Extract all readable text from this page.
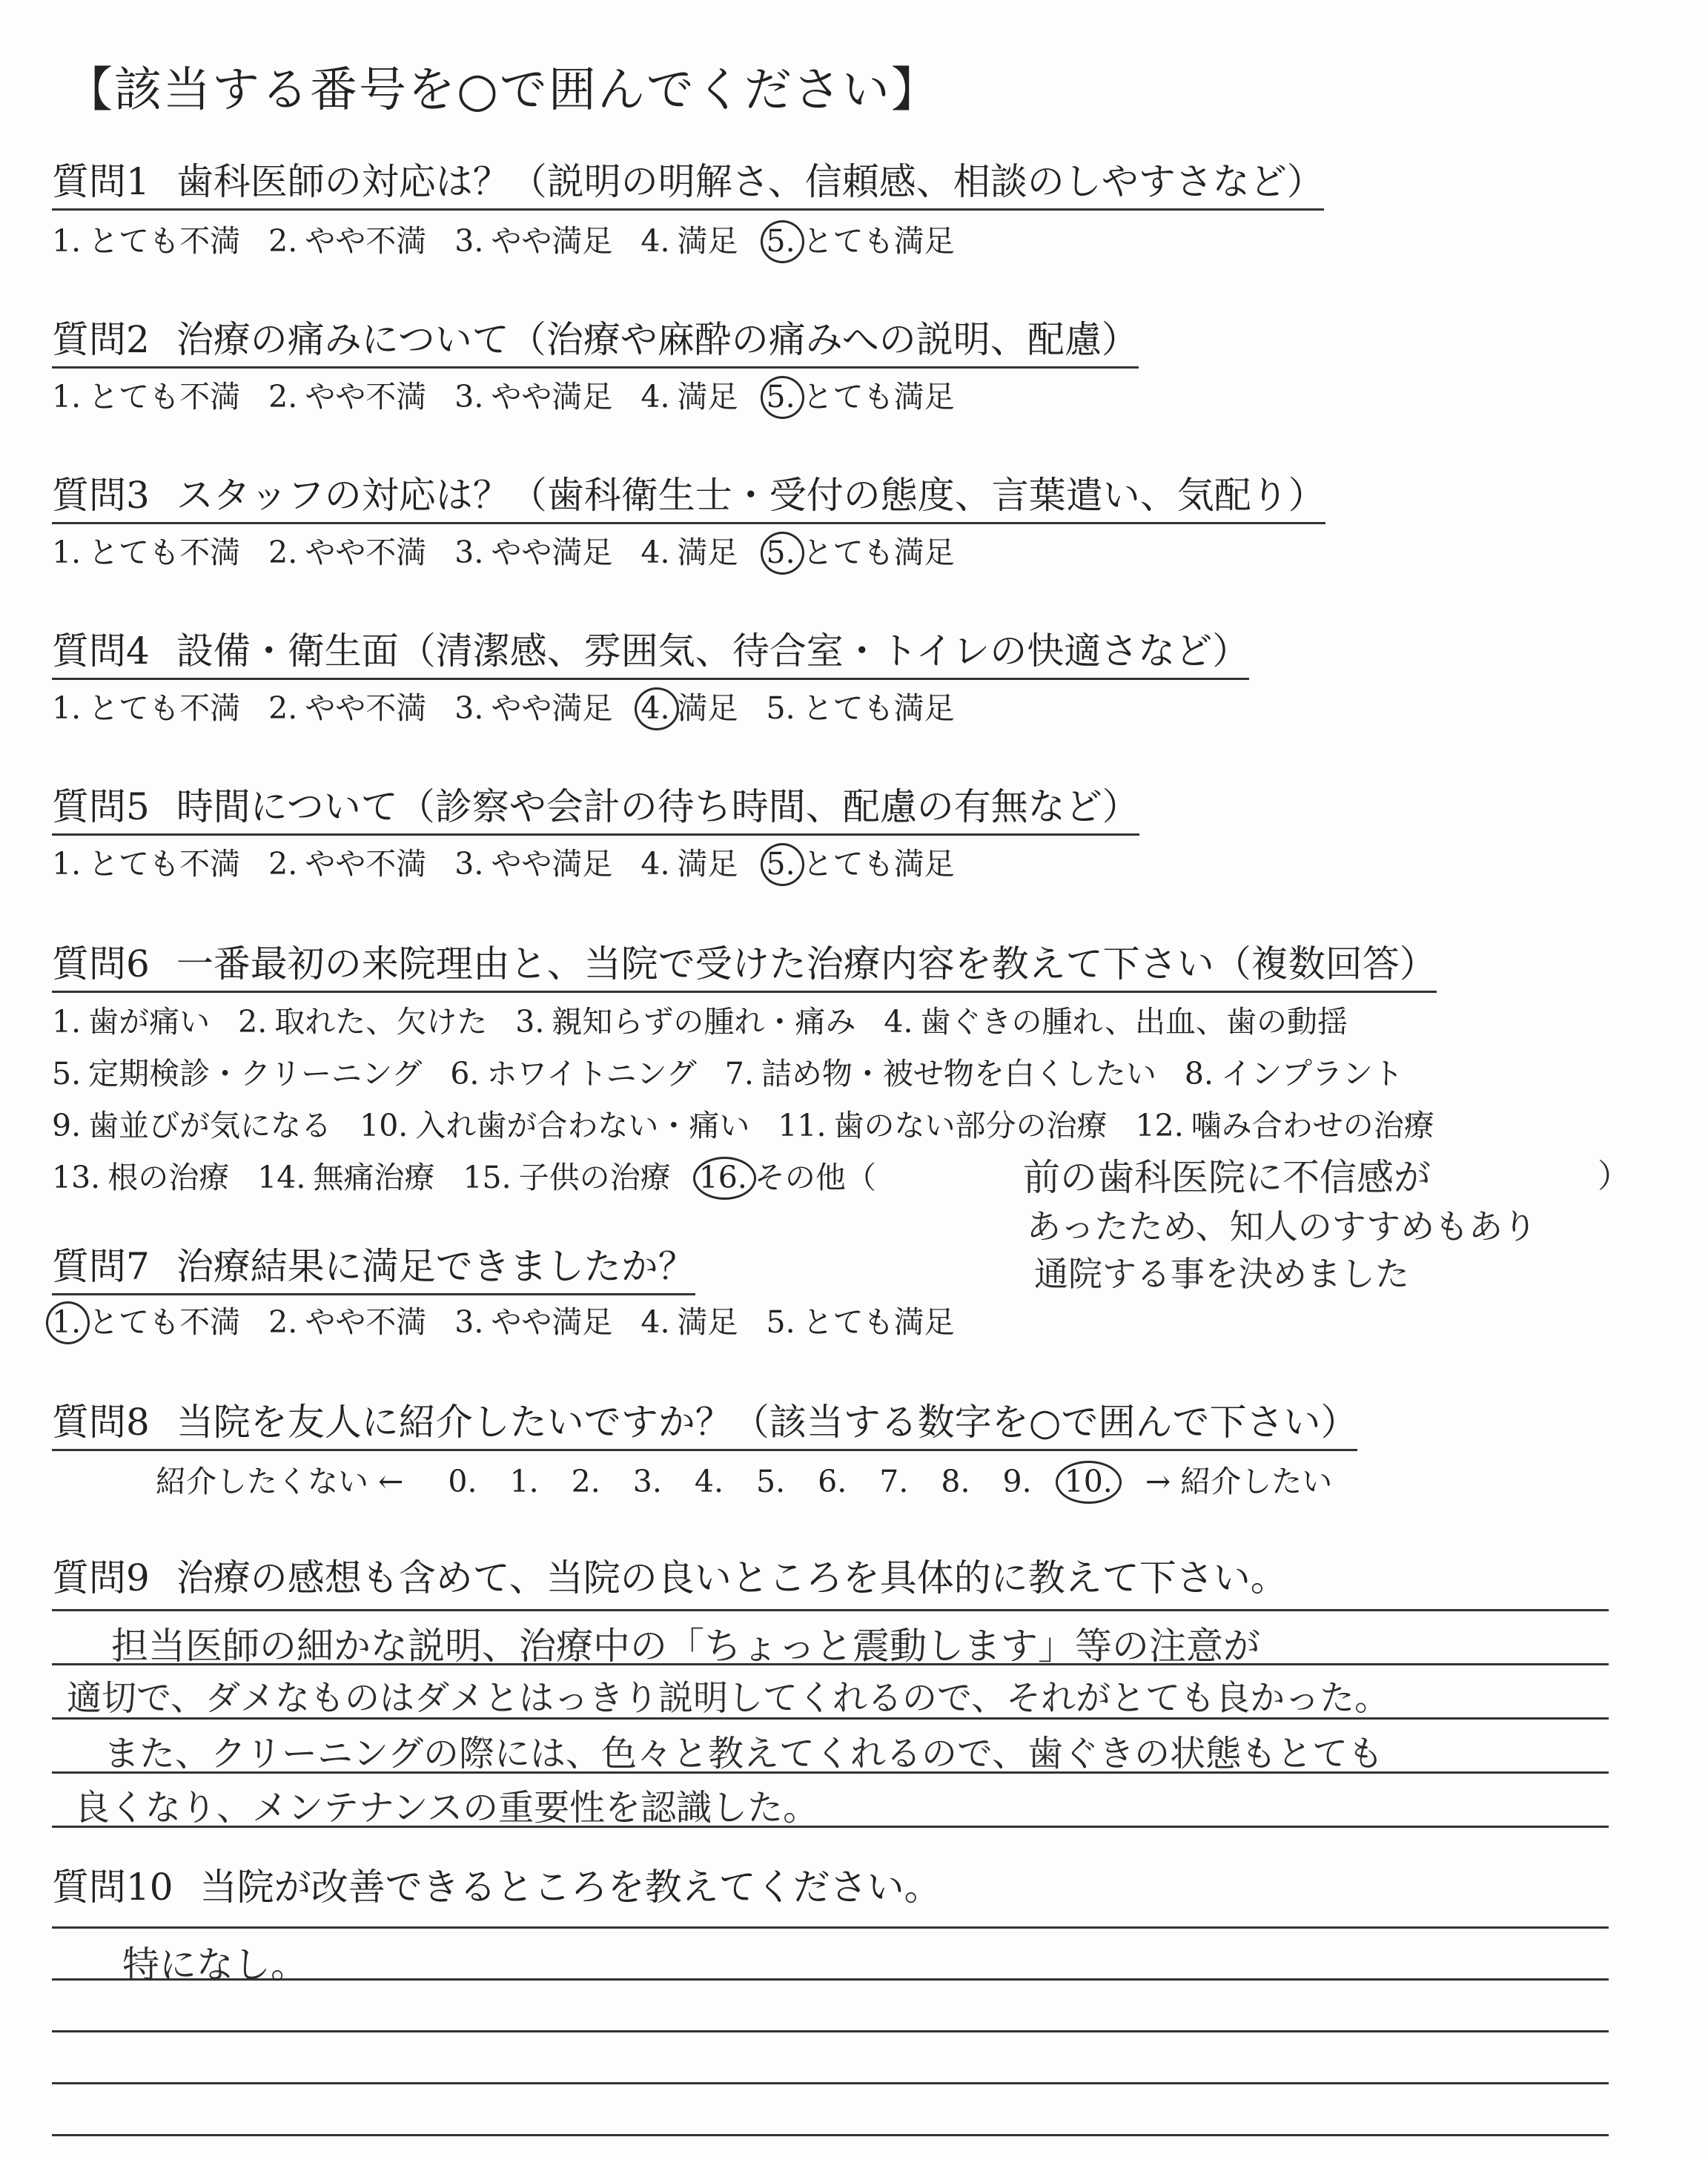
【該当する番号を○で囲んでください】
質問1 歯科医師の対応は？（説明の明解さ、信頼感、相談のしやすさなど）
1. とても不満 2. やや不満 3. やや満足 4. 満足 5. とても満足
質問2 治療の痛みについて（治療や麻酔の痛みへの説明、配慮）
1. とても不満 2. やや不満 3. やや満足 4. 満足 5. とても満足
質問3 スタッフの対応は？（歯科衛生士・受付の態度、言葉遣い、気配り）
1. とても不満 2. やや不満 3. やや満足 4. 満足 5. とても満足
質問4 設備・衛生面（清潔感、雰囲気、待合室・トイレの快適さなど）
1. とても不満 2. やや不満 3. やや満足 4. 満足 5. とても満足
質問5 時間について（診察や会計の待ち時間、配慮の有無など）
1. とても不満 2. やや不満 3. やや満足 4. 満足 5. とても満足
質問6 一番最初の来院理由と、当院で受けた治療内容を教えて下さい（複数回答）
1. 歯が痛い 2. 取れた、欠けた 3. 親知らずの腫れ・痛み 4. 歯ぐきの腫れ、出血、歯の動揺
5. 定期検診・クリーニング 6. ホワイトニング 7. 詰め物・被せ物を白くしたい 8. インプラント
9. 歯並びが気になる 10. 入れ歯が合わない・痛い 11. 歯のない部分の治療 12. 噛み合わせの治療
13. 根の治療 14. 無痛治療 15. 子供の治療 16. その他（	）
前の歯科医院に不信感が
あったため、知人のすすめもあり
通院する事を決めました
質問7 治療結果に満足できましたか？
1. とても不満 2. やや不満 3. やや満足 4. 満足 5. とても満足
質問8 当院を友人に紹介したいですか？（該当する数字を○で囲んで下さい）
紹介したくない ← 0. 1. 2. 3. 4. 5. 6. 7. 8. 9. 10. → 紹介したい
質問9 治療の感想も含めて、当院の良いところを具体的に教えて下さい。
担当医師の細かな説明、治療中の「ちょっと震動します」等の注意が
適切で、ダメなものはダメとはっきり説明してくれるので、それがとても良かった。
また、クリーニングの際には、色々と教えてくれるので、歯ぐきの状態もとても
良くなり、メンテナンスの重要性を認識した。
質問10 当院が改善できるところを教えてください。
特になし。
